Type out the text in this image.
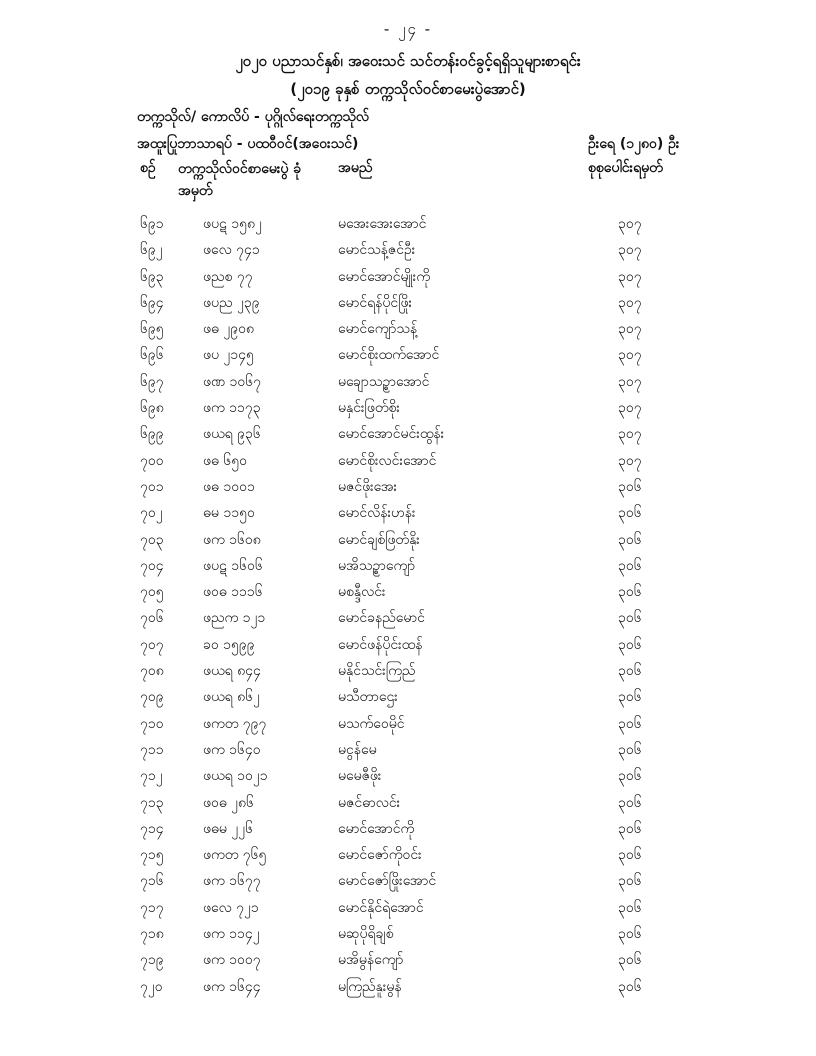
- ၂၄ -
၂၀၂၀ ပညာသင်နှစ်၊ အဝေးသင် သင်တန်းဝင်ခွင့်ရရှိသူများစာရင်း
(၂၀၁၉ ခုနှစ် တက္ကသိုလ်ဝင်စာမေးပွဲအောင်)
တက္ကသိုလ်/ ကောလိပ် - ပုဂ္ဂိုလ်ရေးတက္ကသိုလ်
အထူးပြုဘာသာရပ် - ပထဝီဝင်(အဝေးသင်)	ဦးရေ (၁၂၈၀) ဦး
စဉ် တက္ကသိုလ်ဝင်စာမေးပွဲ ခုံအမှတ်
အမည်	စုစုပေါင်းရမှတ်
၆၉၁	ဖပဋ ၁၅၈၂	မအေးအေးအောင်	၃၀၇
၆၉၂	ဖလေ ၇၄၁	မောင်သန့်ဇင်ဦး	၃၀၇
၆၉၃	ဖညစ ၇၇	မောင်အောင်မျိုးကို	၃၀၇
၆၉၄	ဖပည ၂၃၉	မောင်ရန်ပိုင်ဖြိုး	၃၀၇
၆၉၅	ဖဓ ၂၉၀၈	မောင်ကျော်သန့်	၃၀၇
၆၉၆	ဖပ ၂၁၄၅	မောင်စိုးထက်အောင်	၃၀၇
၆၉၇	ဖဏ ၁၀၆၇	မချောသဥ္စာအောင်	၃၀၇
၆၉၈	ဖက ၁၁၇၃	မနှင်းဖြတ်စိုး	၃၀၇
၆၉၉	ဖယရ ၉၃၆	မောင်အောင်မင်းထွန်း	၃၀၇
၇၀၀	ဖဓ ၆၅၀	မောင်စိုးလင်းအောင်	၃၀၇
၇၀၁	ဖဓ ၁၀၀၁	မဇင်ဖိုးအေး	၃၀၆
၇၀၂	ဓမ ၁၁၅၀	မောင်လိန်းဟန်း	၃၀၆
၇၀၃	ဖက ၁၆၀၈	မောင်ချစ်ဖြတ်နိုး	၃၀၆
၇၀၄	ဖပဋ ၁၆၀၆	မအိသဥ္စာကျော်	၃၀၆
၇၀၅	ဖဝဓ ၁၁၁၆	မစန္ဒီလင်း	၃၀၆
၇၀၆	ဖညက ၁၂၁	မောင်ခနည်မောင်	၃၀၆
၇၀၇	ခဝ ၁၅၉၉	မောင်ဖန်ပိုင်းထန်	၃၀၆
၇၀၈	ဖယရ ၈၄၄	မနိုင်သင်းကြည်	၃၀၆
၇၀၉	ဖယရ ၈၆၂	မသီတာဌေး	၃၀၆
၇၁၀	ဖကတ ၇၉၇	မသက်ဝေမိုင်	၃၀၆
၇၁၁	ဖက ၁၆၄၀	မငွန်မေ	၃၀၆
၇၁၂	ဖယရ ၁၀၂၁	မမေဇီဖိုး	၃၀၆
၇၁၃	ဖဝဓ ၂၈၆	မဇင်ဓာလင်း	၃၀၆
၇၁၄	ဖဓမ ၂၂၆	မောင်အောင်ကို	၃၀၆
၇၁၅	ဖကတ ၇၆၅	မောင်ဇော်ကိုဝင်း	၃၀၆
၇၁၆	ဖက ၁၆၇၇	မောင်ဇော်ဖြိုးအောင်	၃၀၆
၇၁၇	ဖလေ ၇၂၁	မောင်နိုင်ရဲအောင်	၃၀၆
၇၁၈	ဖက ၁၁၄၂	မဆုပိုရိချစ်	၃၀၆
၇၁၉	ဖက ၁၀၀၇	မအိမွန်ကျော်	၃၀၆
၇၂၀	ဖက ၁၆၄၄	မကြည်နူးမွန်	၃၀၆
